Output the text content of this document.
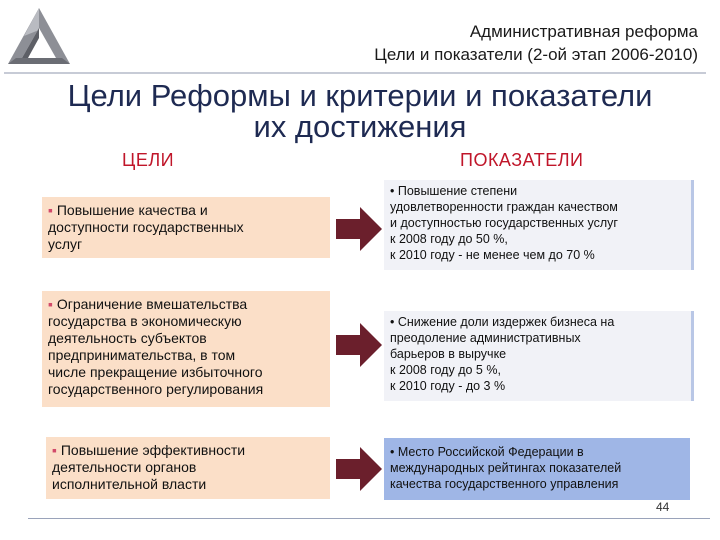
Административная реформа
Цели и показатели (2-ой этап 2006-2010)
Цели Реформы и критерии и показатели
их достижения
ЦЕЛИ	ПОКАЗАТЕЛИ
▪ Повышение качества и
доступности государственных
услуг
• Повышение степени
удовлетворенности граждан качеством
и доступностью государственных услуг
к 2008 году до 50 %,
к 2010 году - не менее чем до 70 %
▪ Ограничение вмешательства
государства в экономическую
деятельность субъектов
предпринимательства, в том
числе прекращение избыточного
государственного регулирования
• Снижение доли издержек бизнеса на
преодоление административных
барьеров в выручке
к 2008 году до 5 %,
к 2010 году - до 3 %
▪ Повышение эффективности
деятельности органов
исполнительной власти
• Место Российской Федерации в
международных рейтингах показателей
качества государственного управления
44
